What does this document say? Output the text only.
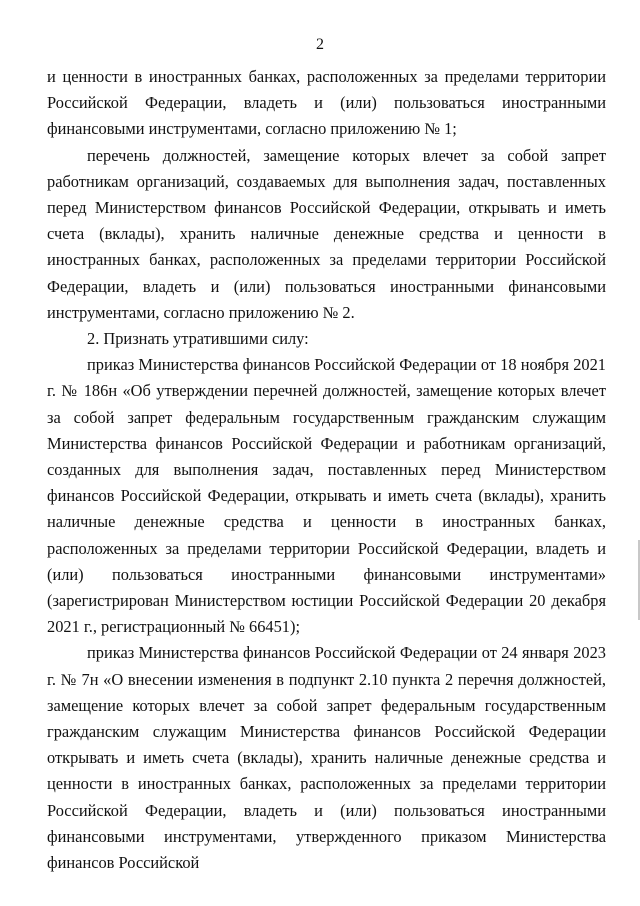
2

и ценности в иностранных банках, расположенных за пределами территории Российской Федерации, владеть и (или) пользоваться иностранными финансовыми инструментами, согласно приложению № 1;

перечень должностей, замещение которых влечет за собой запрет работникам организаций, создаваемых для выполнения задач, поставленных перед Министерством финансов Российской Федерации, открывать и иметь счета (вклады), хранить наличные денежные средства и ценности в иностранных банках, расположенных за пределами территории Российской Федерации, владеть и (или) пользоваться иностранными финансовыми инструментами, согласно приложению № 2.

2. Признать утратившими силу:

приказ Министерства финансов Российской Федерации от 18 ноября 2021 г. № 186н «Об утверждении перечней должностей, замещение которых влечет за собой запрет федеральным государственным гражданским служащим Министерства финансов Российской Федерации и работникам организаций, созданных для выполнения задач, поставленных перед Министерством финансов Российской Федерации, открывать и иметь счета (вклады), хранить наличные денежные средства и ценности в иностранных банках, расположенных за пределами территории Российской Федерации, владеть и (или) пользоваться иностранными финансовыми инструментами» (зарегистрирован Министерством юстиции Российской Федерации 20 декабря 2021 г., регистрационный № 66451);

приказ Министерства финансов Российской Федерации от 24 января 2023 г. № 7н «О внесении изменения в подпункт 2.10 пункта 2 перечня должностей, замещение которых влечет за собой запрет федеральным государственным гражданским служащим Министерства финансов Российской Федерации открывать и иметь счета (вклады), хранить наличные денежные средства и ценности в иностранных банках, расположенных за пределами территории Российской Федерации, владеть и (или) пользоваться иностранными финансовыми инструментами, утвержденного приказом Министерства финансов Российской
